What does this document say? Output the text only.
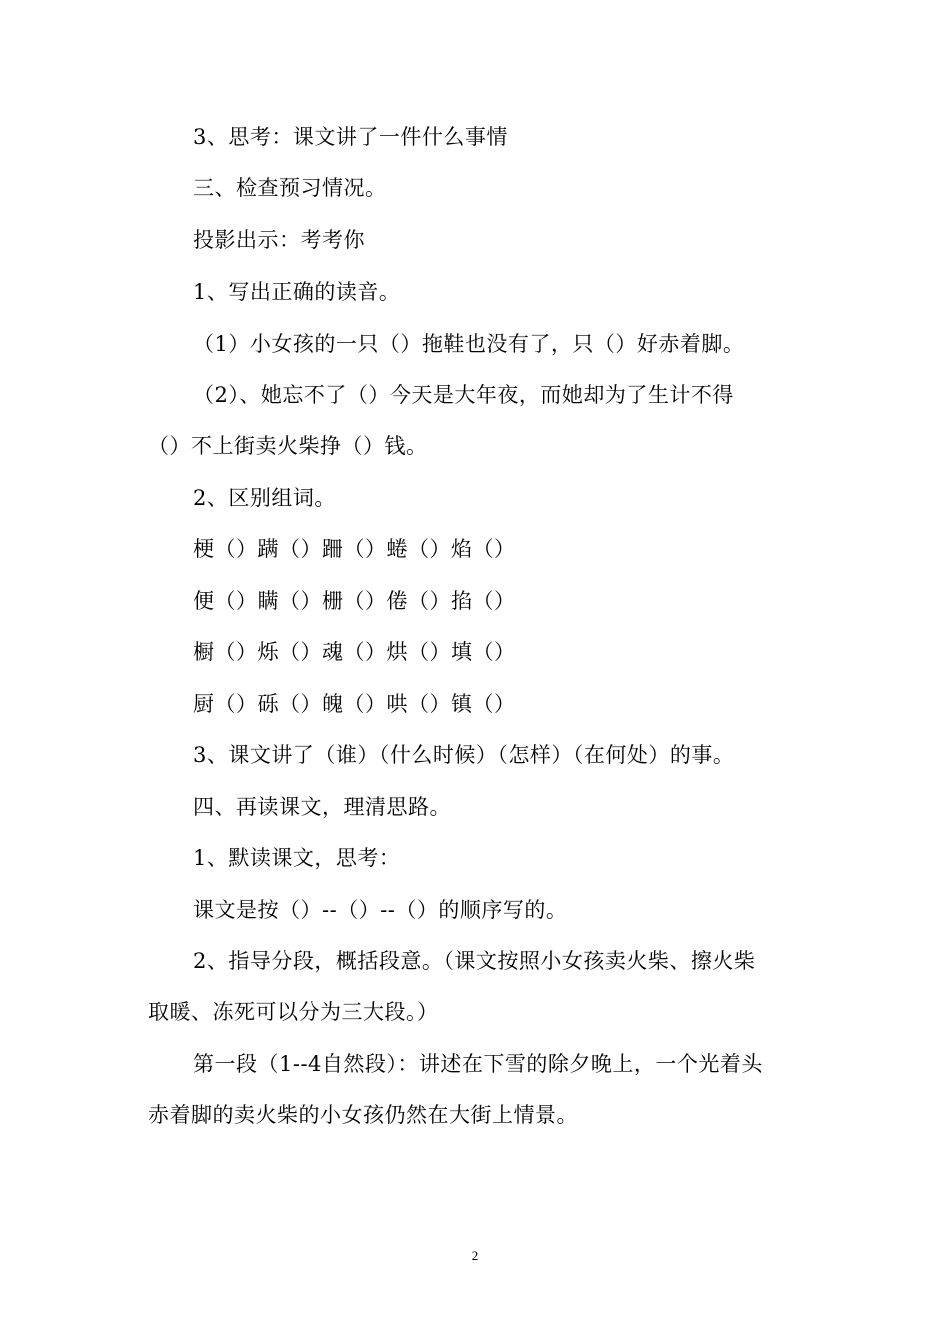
3、思考：课文讲了一件什么事情
三、检查预习情况。
投影出示：考考你
1、写出正确的读音。
（1）小女孩的一只（）拖鞋也没有了，只（）好赤着脚。
（2）、她忘不了（）今天是大年夜，而她却为了生计不得
（）不上街卖火柴挣（）钱。
2、区别组词。
梗（）蹒（）跚（）蜷（）焰（）
便（）瞒（）栅（）倦（）掐（）
橱（）烁（）魂（）烘（）填（）
厨（）砾（）魄（）哄（）镇（）
3、课文讲了（谁）（什么时候）（怎样）（在何处）的事。
四、再读课文，理清思路。
1、默读课文，思考：
课文是按（）--（）--（）的顺序写的。
2、指导分段，概括段意。（课文按照小女孩卖火柴、擦火柴
取暖、冻死可以分为三大段。）
第一段（1--4自然段）：讲述在下雪的除夕晚上，一个光着头
赤着脚的卖火柴的小女孩仍然在大街上情景。
2
